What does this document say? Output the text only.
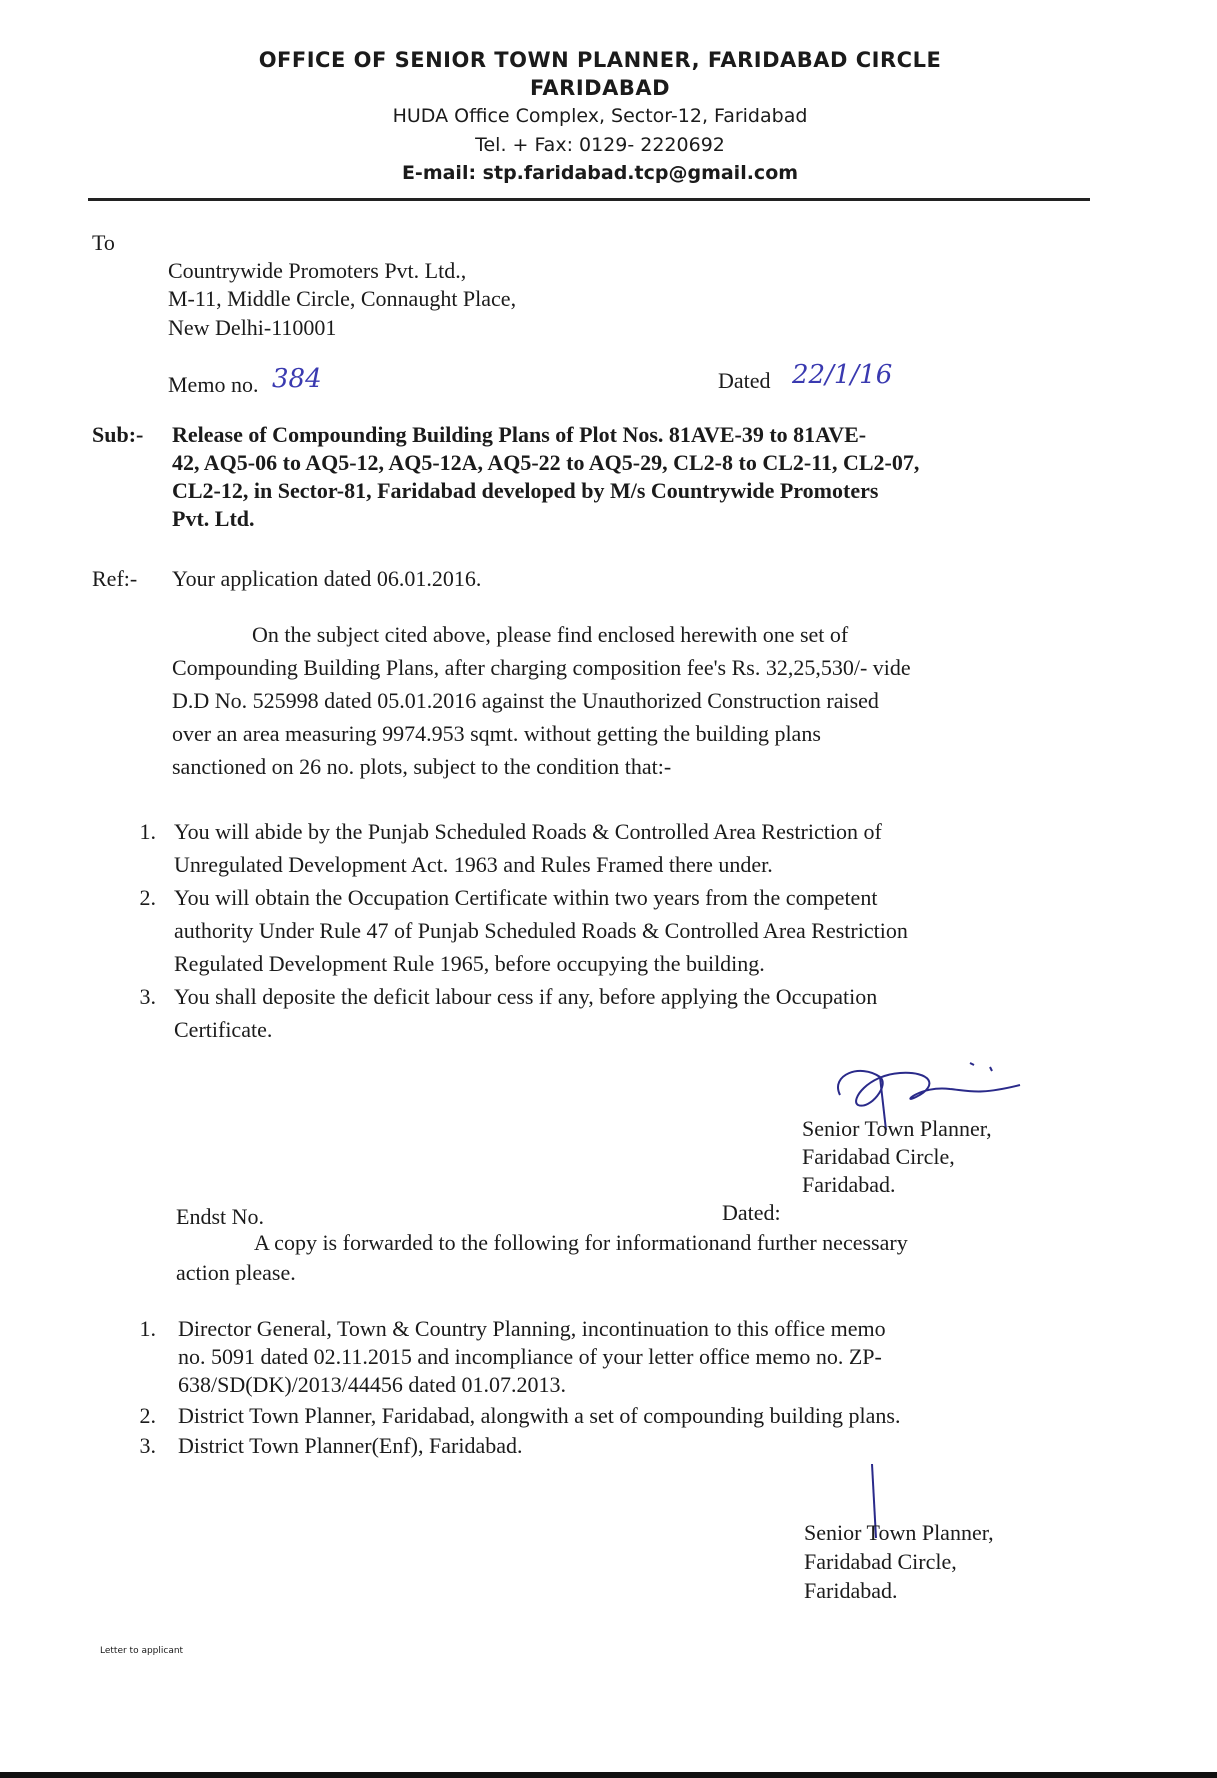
OFFICE OF SENIOR TOWN PLANNER, FARIDABAD CIRCLE
FARIDABAD
HUDA Office Complex, Sector-12, Faridabad
Tel. + Fax: 0129- 2220692
E-mail: stp.faridabad.tcp@gmail.com
To
Countrywide Promoters Pvt. Ltd.,
M-11, Middle Circle, Connaught Place,
New Delhi-110001
Memo no. 384	Dated 22/1/16
Sub:- Release of Compounding Building Plans of Plot Nos. 81AVE-39 to 81AVE-
42, AQ5-06 to AQ5-12, AQ5-12A, AQ5-22 to AQ5-29, CL2-8 to CL2-11, CL2-07,
CL2-12, in Sector-81, Faridabad developed by M/s Countrywide Promoters
Pvt. Ltd.
Ref:- Your application dated 06.01.2016.
On the subject cited above, please find enclosed herewith one set of
Compounding Building Plans, after charging composition fee's Rs. 32,25,530/- vide
D.D No. 525998 dated 05.01.2016 against the Unauthorized Construction raised
over an area measuring 9974.953 sqmt. without getting the building plans
sanctioned on 26 no. plots, subject to the condition that:-
1. You will abide by the Punjab Scheduled Roads & Controlled Area Restriction of
Unregulated Development Act. 1963 and Rules Framed there under.
2. You will obtain the Occupation Certificate within two years from the competent
authority Under Rule 47 of Punjab Scheduled Roads & Controlled Area Restriction
Regulated Development Rule 1965, before occupying the building.
3. You shall deposite the deficit labour cess if any, before applying the Occupation
Certificate.
Senior Town Planner,
Faridabad Circle,
Faridabad.
Endst No.	Dated:
A copy is forwarded to the following for informationand further necessary
action please.
1. Director General, Town & Country Planning, incontinuation to this office memo
no. 5091 dated 02.11.2015 and incompliance of your letter office memo no. ZP-
638/SD(DK)/2013/44456 dated 01.07.2013.
2. District Town Planner, Faridabad, alongwith a set of compounding building plans.
3. District Town Planner(Enf), Faridabad.
Senior Town Planner,
Faridabad Circle,
Faridabad.
Letter to applicant
